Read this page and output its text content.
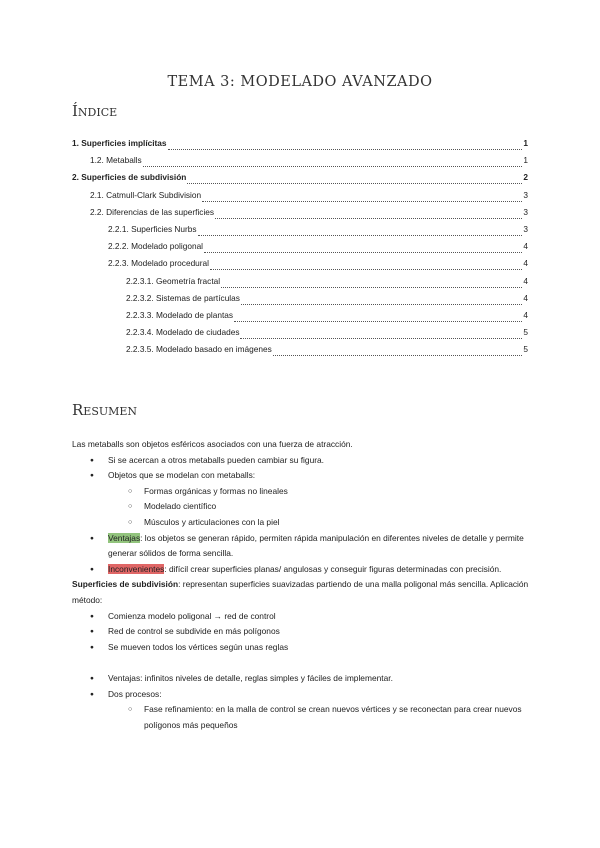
TEMA 3: MODELADO AVANZADO
Índice
1. Superficies implícitas	1
1.2. Metaballs	1
2. Superficies de subdivisión	2
2.1. Catmull-Clark Subdivision	3
2.2. Diferencias de las superficies	3
2.2.1. Superficies Nurbs	3
2.2.2. Modelado poligonal	4
2.2.3. Modelado procedural	4
2.2.3.1. Geometría fractal	4
2.2.3.2. Sistemas de partículas	4
2.2.3.3. Modelado de plantas	4
2.2.3.4. Modelado de ciudades	5
2.2.3.5. Modelado basado en imágenes	5
Resumen

Las metaballs son objetos esféricos asociados con una fuerza de atracción.

● Si se acercan a otros metaballs pueden cambiar su figura.
● Objetos que se modelan con metaballs:
○ Formas orgánicas y formas no lineales
○ Modelado científico
○ Músculos y articulaciones con la piel
● Ventajas: los objetos se generan rápido, permiten rápida manipulación en diferentes niveles de detalle y permite generar sólidos de forma sencilla.
● Inconvenientes: difícil crear superficies planas/ angulosas y conseguir figuras determinadas con precisión.

Superficies de subdivisión: representan superficies suavizadas partiendo de una malla poligonal más sencilla. Aplicación método:

● Comienza modelo poligonal → red de control
● Red de control se subdivide en más polígonos
● Se mueven todos los vértices según unas reglas
● Ventajas: infinitos niveles de detalle, reglas simples y fáciles de implementar.
● Dos procesos:
○ Fase refinamiento: en la malla de control se crean nuevos vértices y se reconectan para crear nuevos polígonos más pequeños
